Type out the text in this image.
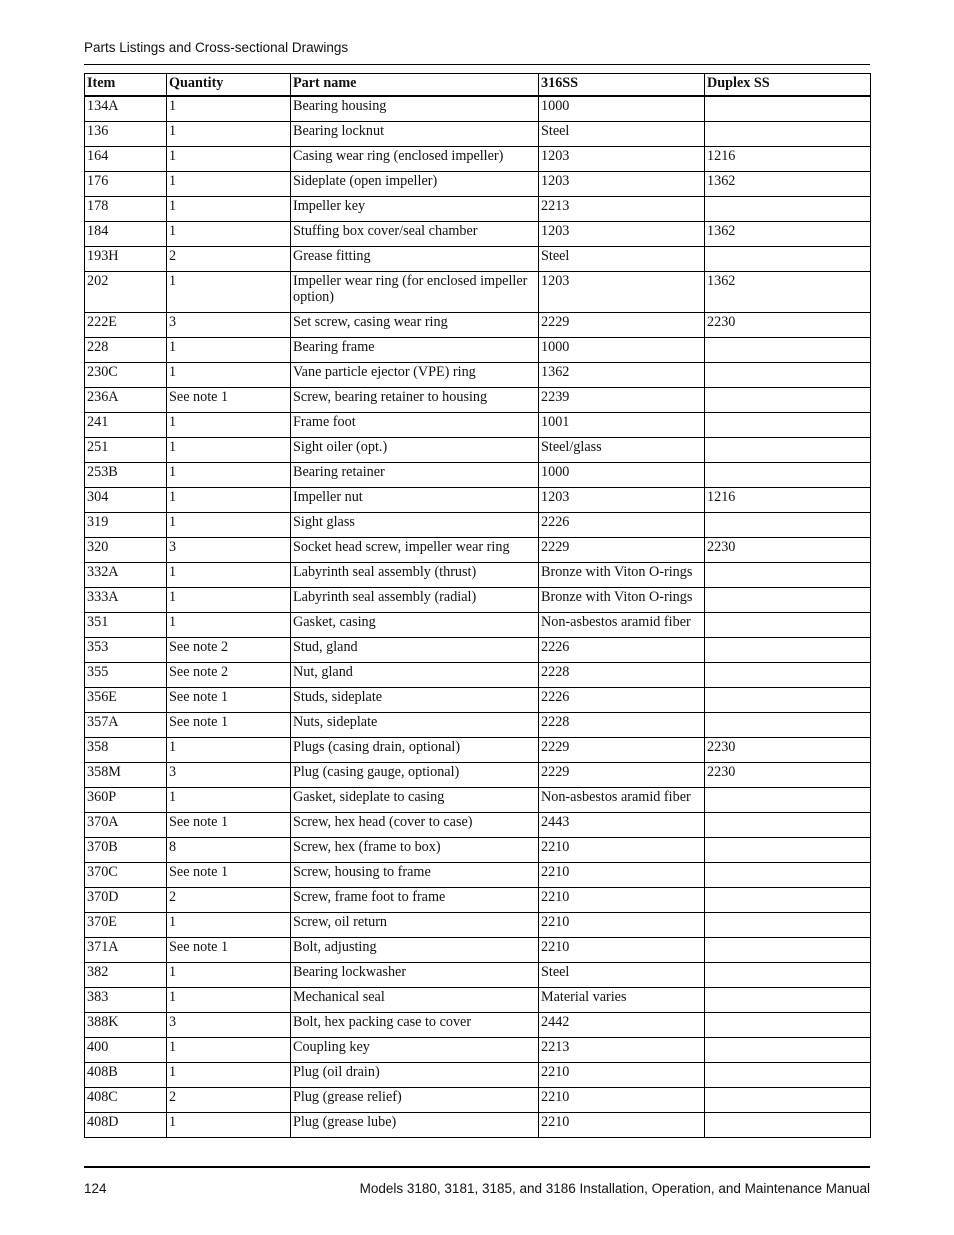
Parts Listings and Cross-sectional Drawings
Item	Quantity	Part name	316SS	Duplex SS
134A	1	Bearing housing	1000	
136	1	Bearing locknut	Steel	
164	1	Casing wear ring (enclosed impeller)	1203	1216
176	1	Sideplate (open impeller)	1203	1362
178	1	Impeller key	2213	
184	1	Stuffing box cover/seal chamber	1203	1362
193H	2	Grease fitting	Steel	
202	1	Impeller wear ring (for enclosed impeller option)	1203	1362
222E	3	Set screw, casing wear ring	2229	2230
228	1	Bearing frame	1000	
230C	1	Vane particle ejector (VPE) ring	1362	
236A	See note 1	Screw, bearing retainer to housing	2239	
241	1	Frame foot	1001	
251	1	Sight oiler (opt.)	Steel/glass	
253B	1	Bearing retainer	1000	
304	1	Impeller nut	1203	1216
319	1	Sight glass	2226	
320	3	Socket head screw, impeller wear ring	2229	2230
332A	1	Labyrinth seal assembly (thrust)	Bronze with Viton O-rings	
333A	1	Labyrinth seal assembly (radial)	Bronze with Viton O-rings	
351	1	Gasket, casing	Non-asbestos aramid fiber	
353	See note 2	Stud, gland	2226	
355	See note 2	Nut, gland	2228	
356E	See note 1	Studs, sideplate	2226	
357A	See note 1	Nuts, sideplate	2228	
358	1	Plugs (casing drain, optional)	2229	2230
358M	3	Plug (casing gauge, optional)	2229	2230
360P	1	Gasket, sideplate to casing	Non-asbestos aramid fiber	
370A	See note 1	Screw, hex head (cover to case)	2443	
370B	8	Screw, hex (frame to box)	2210	
370C	See note 1	Screw, housing to frame	2210	
370D	2	Screw, frame foot to frame	2210	
370E	1	Screw, oil return	2210	
371A	See note 1	Bolt, adjusting	2210	
382	1	Bearing lockwasher	Steel	
383	1	Mechanical seal	Material varies	
388K	3	Bolt, hex packing case to cover	2442	
400	1	Coupling key	2213	
408B	1	Plug (oil drain)	2210	
408C	2	Plug (grease relief)	2210	
408D	1	Plug (grease lube)	2210	
124	Models 3180, 3181, 3185, and 3186 Installation, Operation, and Maintenance Manual
